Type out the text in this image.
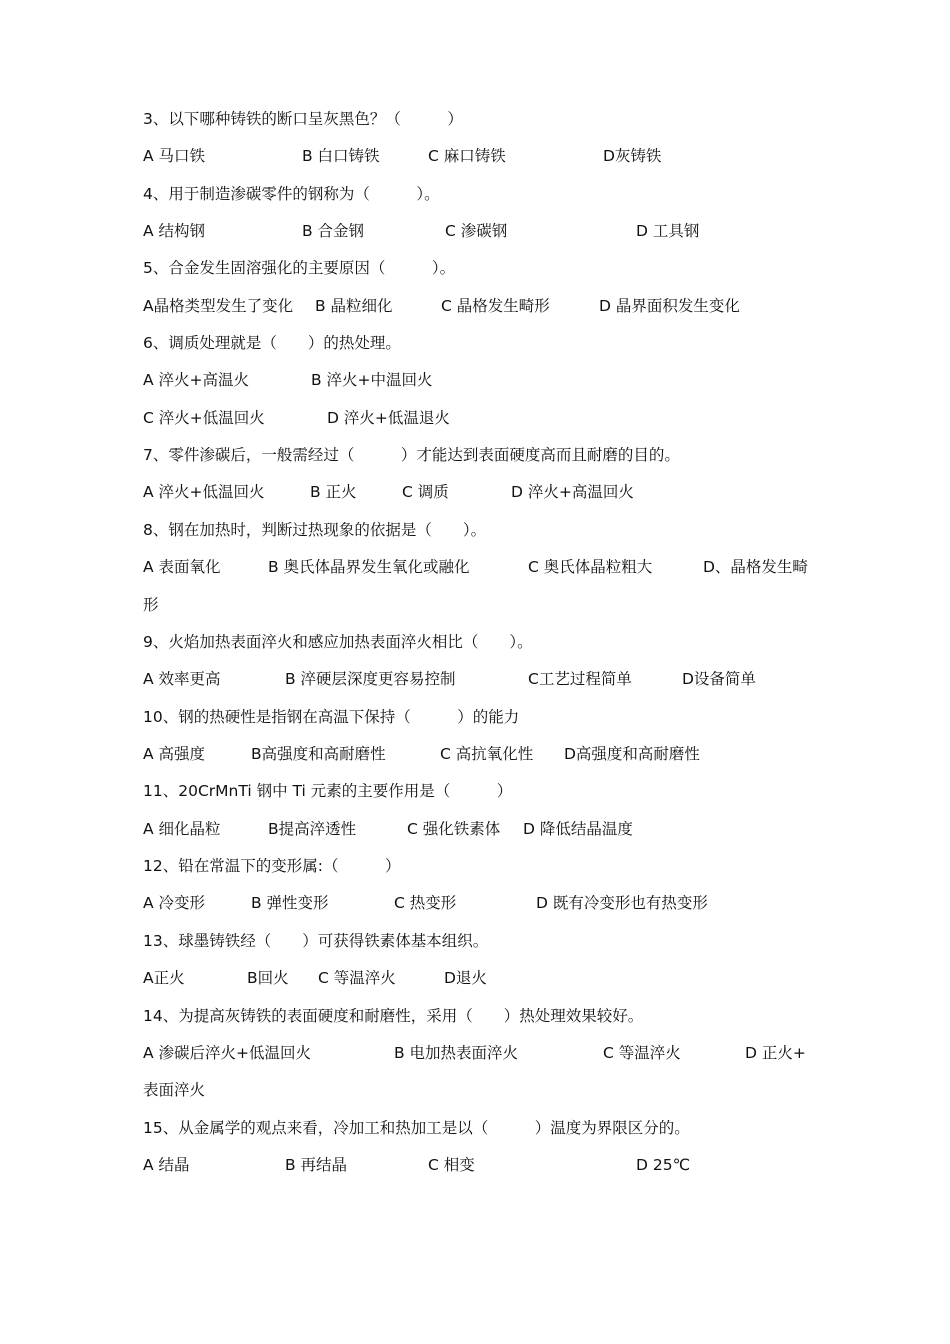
3、以下哪种铸铁的断口呈灰黑色？（　　　）

A 马口铁

	B 白口铸铁

	C 麻口铸铁

	D灰铸铁

4、用于制造渗碳零件的钢称为（　　　）。

A 结构钢

	B 合金钢

	C 渗碳钢

	D 工具钢

5、合金发生固溶强化的主要原因（　　　）。

A晶格类型发生了变化

B 晶粒细化

	C 晶格发生畸形

	D 晶界面积发生变化

6、调质处理就是（　　）的热处理。

A 淬火+高温火

	B 淬火+中温回火

C 淬火+低温回火

	D 淬火+低温退火

7、零件渗碳后，一般需经过（　　　）才能达到表面硬度高而且耐磨的目的。

A 淬火+低温回火

	B 正火

	C 调质

	D 淬火+高温回火

8、钢在加热时，判断过热现象的依据是（　　）。

A 表面氧化

	B 奥氏体晶界发生氧化或融化

	C 奥氏体晶粒粗大

	D、晶格发生畸

形
9、火焰加热表面淬火和感应加热表面淬火相比（　　）。

A 效率更高

	B 淬硬层深度更容易控制

	C工艺过程简单

	D设备简单

10、钢的热硬性是指钢在高温下保持（　　　）的能力

A 高强度

	B高强度和高耐磨性

	C 高抗氧化性

D高强度和高耐磨性

11、20CrMnTi 钢中 Ti 元素的主要作用是（　　　）

A 细化晶粒

	B提高淬透性

	C 强化铁素体

D 降低结晶温度

12、铅在常温下的变形属:（　　　）

A 冷变形

	B 弹性变形

	C 热变形

	D 既有冷变形也有热变形

13、球墨铸铁经（　　）可获得铁素体基本组织。

A正火

	B回火

C 等温淬火

	D退火

14、为提高灰铸铁的表面硬度和耐磨性，采用（　　）热处理效果较好。

A 渗碳后淬火+低温回火

	B 电加热表面淬火

	C 等温淬火

	D 正火+

表面淬火
15、从金属学的观点来看，冷加工和热加工是以（　　　）温度为界限区分的。

A 结晶

	B 再结晶

	C 相变

	D 25℃
